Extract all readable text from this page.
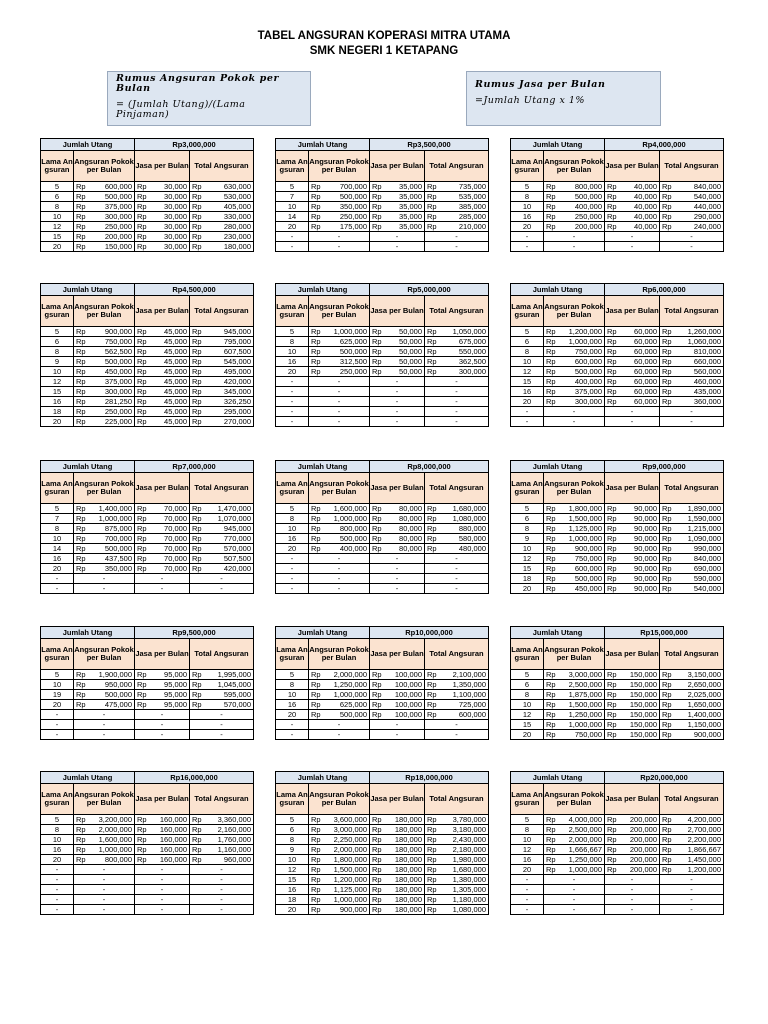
TABEL ANGSURAN KOPERASI MITRA UTAMA
SMK NEGERI 1 KETAPANG
Rumus Angsuran Pokok per Bulan
= (Jumlah Utang)/(Lama Pinjaman)
Rumus Jasa per Bulan
=Jumlah Utang x 1%
Jumlah Utang		Rp3,000,000	
Lama Angsuran	Angsuran Pokok per Bulan	Jasa per Bulan	Total Angsuran
5	Rp 600,000	Rp 30,000	Rp 630,000

6	Rp 500,000	Rp 30,000	Rp 530,000

8	Rp 375,000	Rp 30,000	Rp 405,000

10	Rp 300,000	Rp 30,000	Rp 330,000

12	Rp 250,000	Rp 30,000	Rp 280,000

15	Rp 200,000	Rp 30,000	Rp 230,000

20	Rp 150,000	Rp 30,000	Rp 180,000
Jumlah Utang		Rp3,500,000	
Lama Angsuran	Angsuran Pokok per Bulan	Jasa per Bulan	Total Angsuran
5	Rp 700,000	Rp 35,000	Rp 735,000

7	Rp 500,000	Rp 35,000	Rp 535,000

10	Rp 350,000	Rp 35,000	Rp 385,000

14	Rp 250,000	Rp 35,000	Rp 285,000

20	Rp 175,000	Rp 35,000	Rp 210,000

-	-	-	-
-	-	-	-
Jumlah Utang		Rp4,000,000	
Lama Angsuran	Angsuran Pokok per Bulan	Jasa per Bulan	Total Angsuran
5	Rp 800,000	Rp 40,000	Rp 840,000

8	Rp 500,000	Rp 40,000	Rp 540,000

10	Rp 400,000	Rp 40,000	Rp 440,000

16	Rp 250,000	Rp 40,000	Rp 290,000

20	Rp 200,000	Rp 40,000	Rp 240,000

-	-	-	-
-	-	-	-
Jumlah Utang		Rp4,500,000	
Lama Angsuran	Angsuran Pokok per Bulan	Jasa per Bulan	Total Angsuran
5	Rp 900,000	Rp 45,000	Rp 945,000

6	Rp 750,000	Rp 45,000	Rp 795,000

8	Rp 562,500	Rp 45,000	Rp 607,500

9	Rp 500,000	Rp 45,000	Rp 545,000

10	Rp 450,000	Rp 45,000	Rp 495,000

12	Rp 375,000	Rp 45,000	Rp 420,000

15	Rp 300,000	Rp 45,000	Rp 345,000

16	Rp 281,250	Rp 45,000	Rp 326,250

18	Rp 250,000	Rp 45,000	Rp 295,000

20	Rp 225,000	Rp 45,000	Rp 270,000
Jumlah Utang		Rp5,000,000	
Lama Angsuran	Angsuran Pokok per Bulan	Jasa per Bulan	Total Angsuran
5	Rp 1,000,000	Rp 50,000	Rp 1,050,000

8	Rp 625,000	Rp 50,000	Rp 675,000

10	Rp 500,000	Rp 50,000	Rp 550,000

16	Rp 312,500	Rp 50,000	Rp 362,500

20	Rp 250,000	Rp 50,000	Rp 300,000

-	-	-	-
-	-	-	-
-	-	-	-
-	-	-	-
-	-	-	-
Jumlah Utang		Rp6,000,000	
Lama Angsuran	Angsuran Pokok per Bulan	Jasa per Bulan	Total Angsuran
5	Rp 1,200,000	Rp 60,000	Rp 1,260,000

6	Rp 1,000,000	Rp 60,000	Rp 1,060,000

8	Rp 750,000	Rp 60,000	Rp 810,000

10	Rp 600,000	Rp 60,000	Rp 660,000

12	Rp 500,000	Rp 60,000	Rp 560,000

15	Rp 400,000	Rp 60,000	Rp 460,000

16	Rp 375,000	Rp 60,000	Rp 435,000

20	Rp 300,000	Rp 60,000	Rp 360,000

-	-	-	-
-	-	-	-
Jumlah Utang		Rp7,000,000	
Lama Angsuran	Angsuran Pokok per Bulan	Jasa per Bulan	Total Angsuran
5	Rp 1,400,000	Rp 70,000	Rp 1,470,000

7	Rp 1,000,000	Rp 70,000	Rp 1,070,000

8	Rp 875,000	Rp 70,000	Rp 945,000

10	Rp 700,000	Rp 70,000	Rp 770,000

14	Rp 500,000	Rp 70,000	Rp 570,000

16	Rp 437,500	Rp 70,000	Rp 507,500

20	Rp 350,000	Rp 70,000	Rp 420,000

-	-	-	-
-	-	-	-
Jumlah Utang		Rp8,000,000	
Lama Angsuran	Angsuran Pokok per Bulan	Jasa per Bulan	Total Angsuran
5	Rp 1,600,000	Rp 80,000	Rp 1,680,000

8	Rp 1,000,000	Rp 80,000	Rp 1,080,000

10	Rp 800,000	Rp 80,000	Rp 880,000

16	Rp 500,000	Rp 80,000	Rp 580,000

20	Rp 400,000	Rp 80,000	Rp 480,000

-	-	-	-
-	-	-	-
-	-	-	-
-	-	-	-
Jumlah Utang		Rp9,000,000	
Lama Angsuran	Angsuran Pokok per Bulan	Jasa per Bulan	Total Angsuran
5	Rp 1,800,000	Rp 90,000	Rp 1,890,000

6	Rp 1,500,000	Rp 90,000	Rp 1,590,000

8	Rp 1,125,000	Rp 90,000	Rp 1,215,000

9	Rp 1,000,000	Rp 90,000	Rp 1,090,000

10	Rp 900,000	Rp 90,000	Rp 990,000

12	Rp 750,000	Rp 90,000	Rp 840,000

15	Rp 600,000	Rp 90,000	Rp 690,000

18	Rp 500,000	Rp 90,000	Rp 590,000

20	Rp 450,000	Rp 90,000	Rp 540,000
Jumlah Utang		Rp9,500,000	
Lama Angsuran	Angsuran Pokok per Bulan	Jasa per Bulan	Total Angsuran
5	Rp 1,900,000	Rp 95,000	Rp 1,995,000

10	Rp 950,000	Rp 95,000	Rp 1,045,000

19	Rp 500,000	Rp 95,000	Rp 595,000

20	Rp 475,000	Rp 95,000	Rp 570,000

-	-	-	-
-	-	-	-
-	-	-	-
Jumlah Utang		Rp10,000,000	
Lama Angsuran	Angsuran Pokok per Bulan	Jasa per Bulan	Total Angsuran
5	Rp 2,000,000	Rp 100,000	Rp 2,100,000

8	Rp 1,250,000	Rp 100,000	Rp 1,350,000

10	Rp 1,000,000	Rp 100,000	Rp 1,100,000

16	Rp 625,000	Rp 100,000	Rp 725,000

20	Rp 500,000	Rp 100,000	Rp 600,000

-	-	-	-
-	-	-	-
Jumlah Utang		Rp15,000,000	
Lama Angsuran	Angsuran Pokok per Bulan	Jasa per Bulan	Total Angsuran
5	Rp 3,000,000	Rp 150,000	Rp 3,150,000

6	Rp 2,500,000	Rp 150,000	Rp 2,650,000

8	Rp 1,875,000	Rp 150,000	Rp 2,025,000

10	Rp 1,500,000	Rp 150,000	Rp 1,650,000

12	Rp 1,250,000	Rp 150,000	Rp 1,400,000

15	Rp 1,000,000	Rp 150,000	Rp 1,150,000

20	Rp 750,000	Rp 150,000	Rp 900,000
Jumlah Utang		Rp16,000,000	
Lama Angsuran	Angsuran Pokok per Bulan	Jasa per Bulan	Total Angsuran
5	Rp 3,200,000	Rp 160,000	Rp 3,360,000

8	Rp 2,000,000	Rp 160,000	Rp 2,160,000

10	Rp 1,600,000	Rp 160,000	Rp 1,760,000

16	Rp 1,000,000	Rp 160,000	Rp 1,160,000

20	Rp 800,000	Rp 160,000	Rp 960,000

-	-	-	-
-	-	-	-
-	-	-	-
-	-	-	-
-	-	-	-
Jumlah Utang		Rp18,000,000	
Lama Angsuran	Angsuran Pokok per Bulan	Jasa per Bulan	Total Angsuran
5	Rp 3,600,000	Rp 180,000	Rp 3,780,000

6	Rp 3,000,000	Rp 180,000	Rp 3,180,000

8	Rp 2,250,000	Rp 180,000	Rp 2,430,000

9	Rp 2,000,000	Rp 180,000	Rp 2,180,000

10	Rp 1,800,000	Rp 180,000	Rp 1,980,000

12	Rp 1,500,000	Rp 180,000	Rp 1,680,000

15	Rp 1,200,000	Rp 180,000	Rp 1,380,000

16	Rp 1,125,000	Rp 180,000	Rp 1,305,000

18	Rp 1,000,000	Rp 180,000	Rp 1,180,000

20	Rp 900,000	Rp 180,000	Rp 1,080,000
Jumlah Utang		Rp20,000,000	
Lama Angsuran	Angsuran Pokok per Bulan	Jasa per Bulan	Total Angsuran
5	Rp 4,000,000	Rp 200,000	Rp 4,200,000

8	Rp 2,500,000	Rp 200,000	Rp 2,700,000

10	Rp 2,000,000	Rp 200,000	Rp 2,200,000

12	Rp 1,666,667	Rp 200,000	Rp 1,866,667

16	Rp 1,250,000	Rp 200,000	Rp 1,450,000

20	Rp 1,000,000	Rp 200,000	Rp 1,200,000

-	-	-	-
-	-	-	-
-	-	-	-
-	-	-	-
